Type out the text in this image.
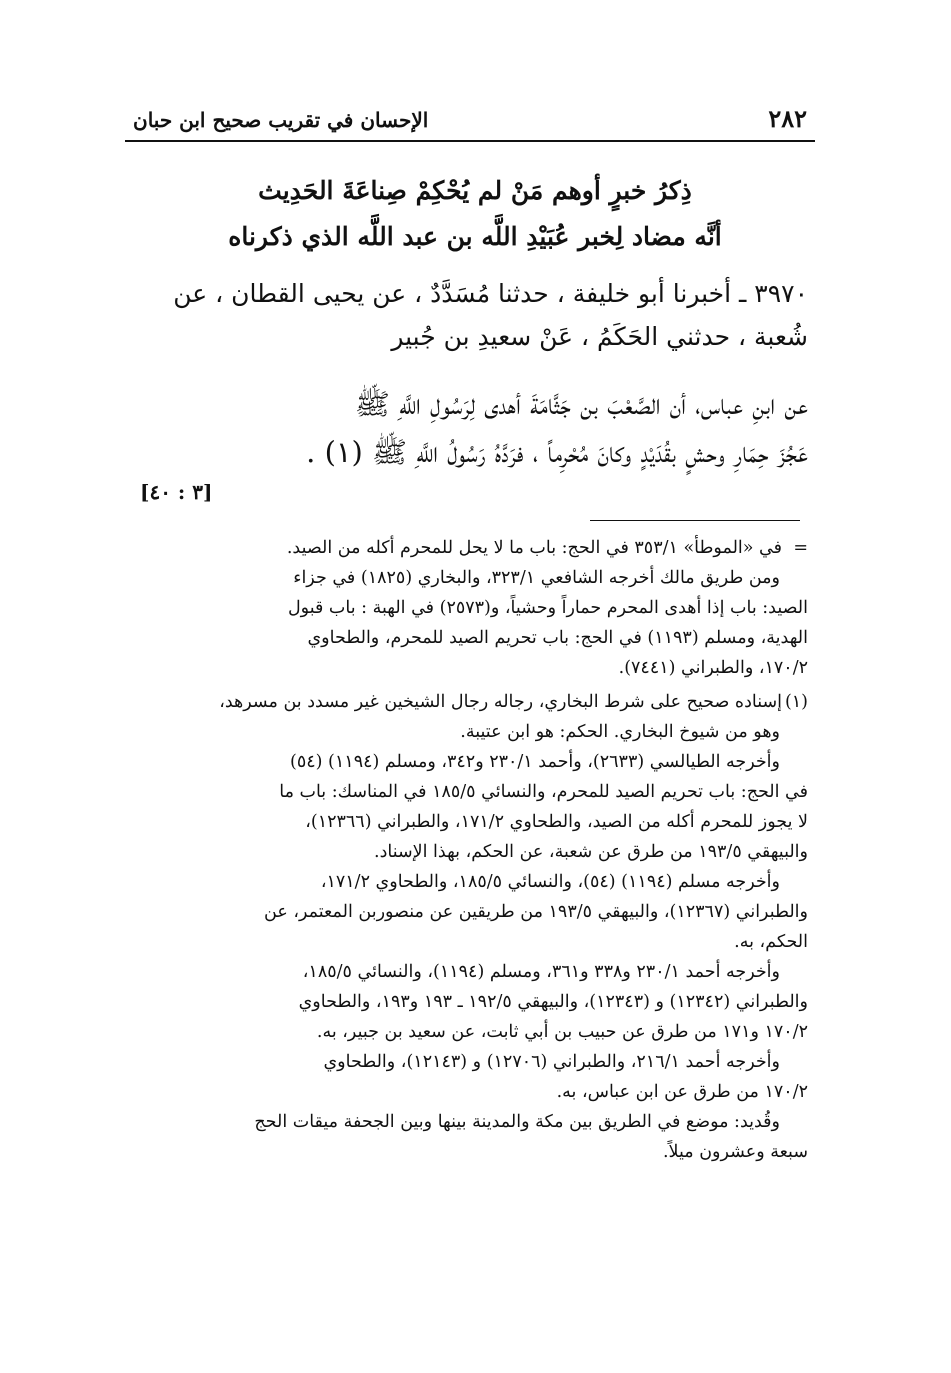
٢٨٢
الإحسان في تقريب صحيح ابن حبان
ذِكرُ خبرٍ أوهم مَنْ لم يُحْكِمْ صِناعَةَ الحَدِيث
أنَّه مضاد لِخبر عُبَيْدِ اللَّه بن عبد اللَّه الذي ذكرناه
٣٩٧٠ ـ أخبرنا أبو خليفة ، حدثنا مُسَدَّدٌ ، عن يحيى القطان ، عن
شُعبة ، حدثني الحَكَمُ ، عَنْ سعيدِ بن جُبير
عن ابنِ عباس، أن الصَّعْبَ بن جَثَّامَةَ أهدى لِرَسُولِ اللَّهِ ﷺ
عَجُزَ حِمَارِ وحشٍ بقُدَيْدٍ وكانَ مُحْرِماً ، فرَدَّهُ رَسُولُ اللَّهِ ﷺ (١) .
[٣ : ٤٠]
=
في «الموطأ» ٣٥٣/١ في الحج: باب ما لا يحل للمحرم أكله من الصيد.
ومن طريق مالك أخرجه الشافعي ٣٢٣/١، والبخاري (١٨٢٥) في جزاء
الصيد: باب إذا أهدى المحرم حماراً وحشياً، و(٢٥٧٣) في الهبة : باب قبول
الهدية، ومسلم (١١٩٣) في الحج: باب تحريم الصيد للمحرم، والطحاوي
١٧٠/٢، والطبراني (٧٤٤١).
(١)
إسناده صحيح على شرط البخاري، رجاله رجال الشيخين غير مسدد بن مسرهد،
وهو من شيوخ البخاري. الحكم: هو ابن عتيبة.
وأخرجه الطيالسي (٢٦٣٣)، وأحمد ٢٣٠/١ و٣٤٢، ومسلم (١١٩٤) (٥٤)
في الحج: باب تحريم الصيد للمحرم، والنسائي ١٨٥/٥ في المناسك: باب ما
لا يجوز للمحرم أكله من الصيد، والطحاوي ١٧١/٢، والطبراني (١٢٣٦٦)،
والبيهقي ١٩٣/٥ من طرق عن شعبة، عن الحكم، بهذا الإسناد.
وأخرجه مسلم (١١٩٤) (٥٤)، والنسائي ١٨٥/٥، والطحاوي ١٧١/٢،
والطبراني (١٢٣٦٧)، والبيهقي ١٩٣/٥ من طريقين عن منصوربن المعتمر، عن
الحكم، به.
وأخرجه أحمد ٢٣٠/١ و٣٣٨ و٣٦١، ومسلم (١١٩٤)، والنسائي ١٨٥/٥،
والطبراني (١٢٣٤٢) و (١٢٣٤٣)، والبيهقي ١٩٢/٥ ـ ١٩٣ و١٩٣، والطحاوي
١٧٠/٢ و١٧١ من طرق عن حبيب بن أبي ثابت، عن سعيد بن جبير، به.
وأخرجه أحمد ٢١٦/١، والطبراني (١٢٧٠٦) و (١٢١٤٣)، والطحاوي
١٧٠/٢ من طرق عن ابن عباس، به.
وقُديد: موضع في الطريق بين مكة والمدينة بينها وبين الجحفة ميقات الحج
سبعة وعشرون ميلاً.
